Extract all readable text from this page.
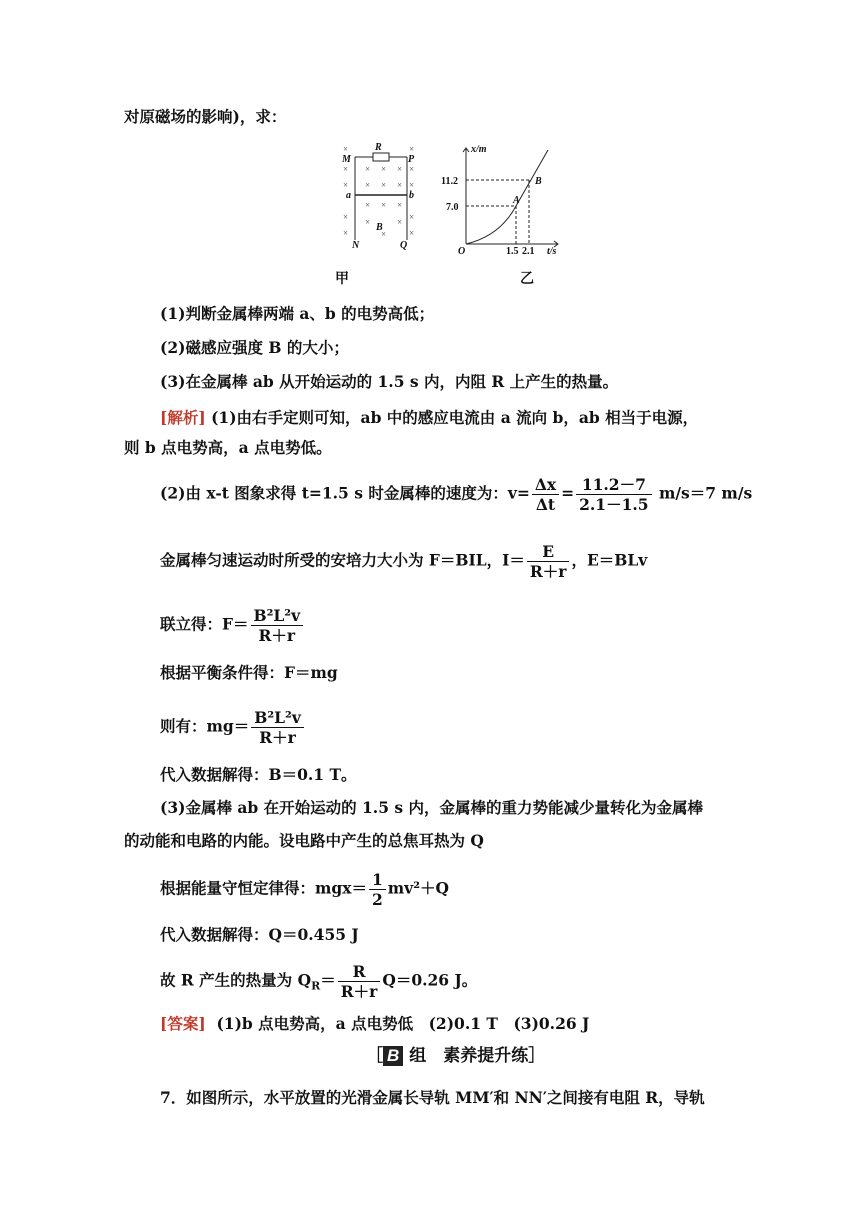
对原磁场的影响)，求：
×	×
× × × × ×
× × × × ×
× × ×
×	×
×	×
×	×	×
M
R
P
a	b
B
N	Q
甲
x/m
t/s
O
11.2
7.0
1.5 2.1
A
B
乙
(1)判断金属棒两端 a、b 的电势高低；
(2)磁感应强度 B 的大小；
(3)在金属棒 ab 从开始运动的 1.5 s 内，内阻 R 上产生的热量。
[解析] (1)由右手定则可知，ab 中的感应电流由 a 流向 b，ab 相当于电源，
则 b 点电势高，a 点电势低。
(2)由 x-t 图象求得 t=1.5 s 时金属棒的速度为：$v= \frac{\Delta x}{\Delta t} = \frac{11.2-7}{2.1-1.5} m/s=7$ m/s
金属棒匀速运动时所受的安培力大小为 F＝BIL，$I= \frac{E}{R+r}$ ，E＝BLv
联立得：$F= \frac{\text{B²L²v}}{R+r}$
根据平衡条件得：F＝mg
则有：$mg= \frac{\text{B²L²v}}{R+r}$
代入数据解得：B＝0.1 T。
(3)金属棒 ab 在开始运动的 1.5 s 内，金属棒的重力势能减少量转化为金属棒
的动能和电路的内能。设电路中产生的总焦耳热为 Q
根据能量守恒定律得：$mgx= \frac{1}{2} mv^2+Q$
代入数据解得：Q＝0.455 J
故 R 产生的热量为 $Q_R= \frac{R}{R+r} Q=0.26$ J。
[答案] (1)b 点电势高，a 点电势低　(2)0.1 T　(3)0.26 J
［ B 组　素养提升练］
7．如图所示，水平放置的光滑金属长导轨 MM′和 NN′之间接有电阻 R，导轨
